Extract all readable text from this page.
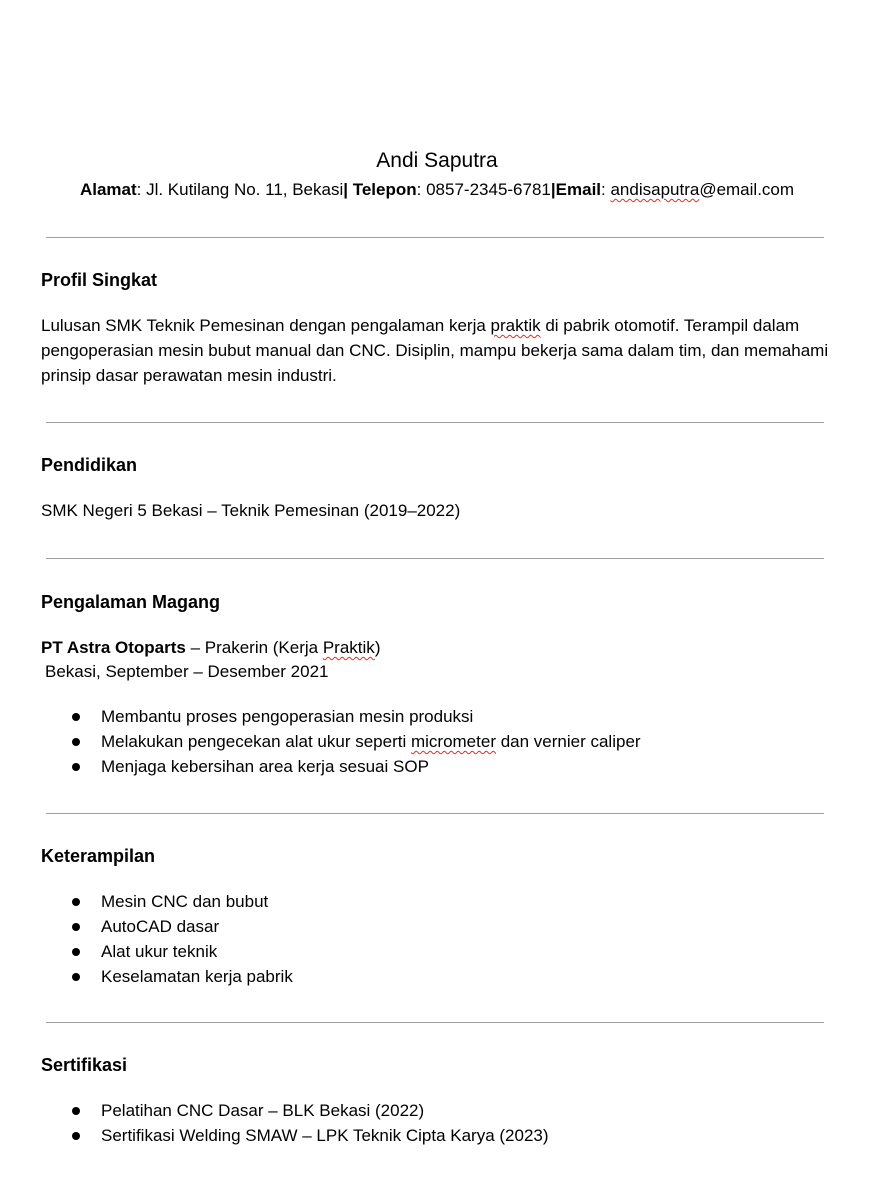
Andi Saputra
Alamat: Jl. Kutilang No. 11, Bekasi| Telepon: 0857-2345-6781|Email: andisaputra@email.com
Profil Singkat
Lulusan SMK Teknik Pemesinan dengan pengalaman kerja praktik di pabrik otomotif. Terampil dalam pengoperasian mesin bubut manual dan CNC. Disiplin, mampu bekerja sama dalam tim, dan memahami prinsip dasar perawatan mesin industri.
Pendidikan
SMK Negeri 5 Bekasi – Teknik Pemesinan (2019–2022)
Pengalaman Magang
PT Astra Otoparts – Prakerin (Kerja Praktik)
Bekasi, September – Desember 2021
Membantu proses pengoperasian mesin produksi
Melakukan pengecekan alat ukur seperti micrometer dan vernier caliper
Menjaga kebersihan area kerja sesuai SOP
Keterampilan
Mesin CNC dan bubut
AutoCAD dasar
Alat ukur teknik
Keselamatan kerja pabrik
Sertifikasi
Pelatihan CNC Dasar – BLK Bekasi (2022)
Sertifikasi Welding SMAW – LPK Teknik Cipta Karya (2023)
